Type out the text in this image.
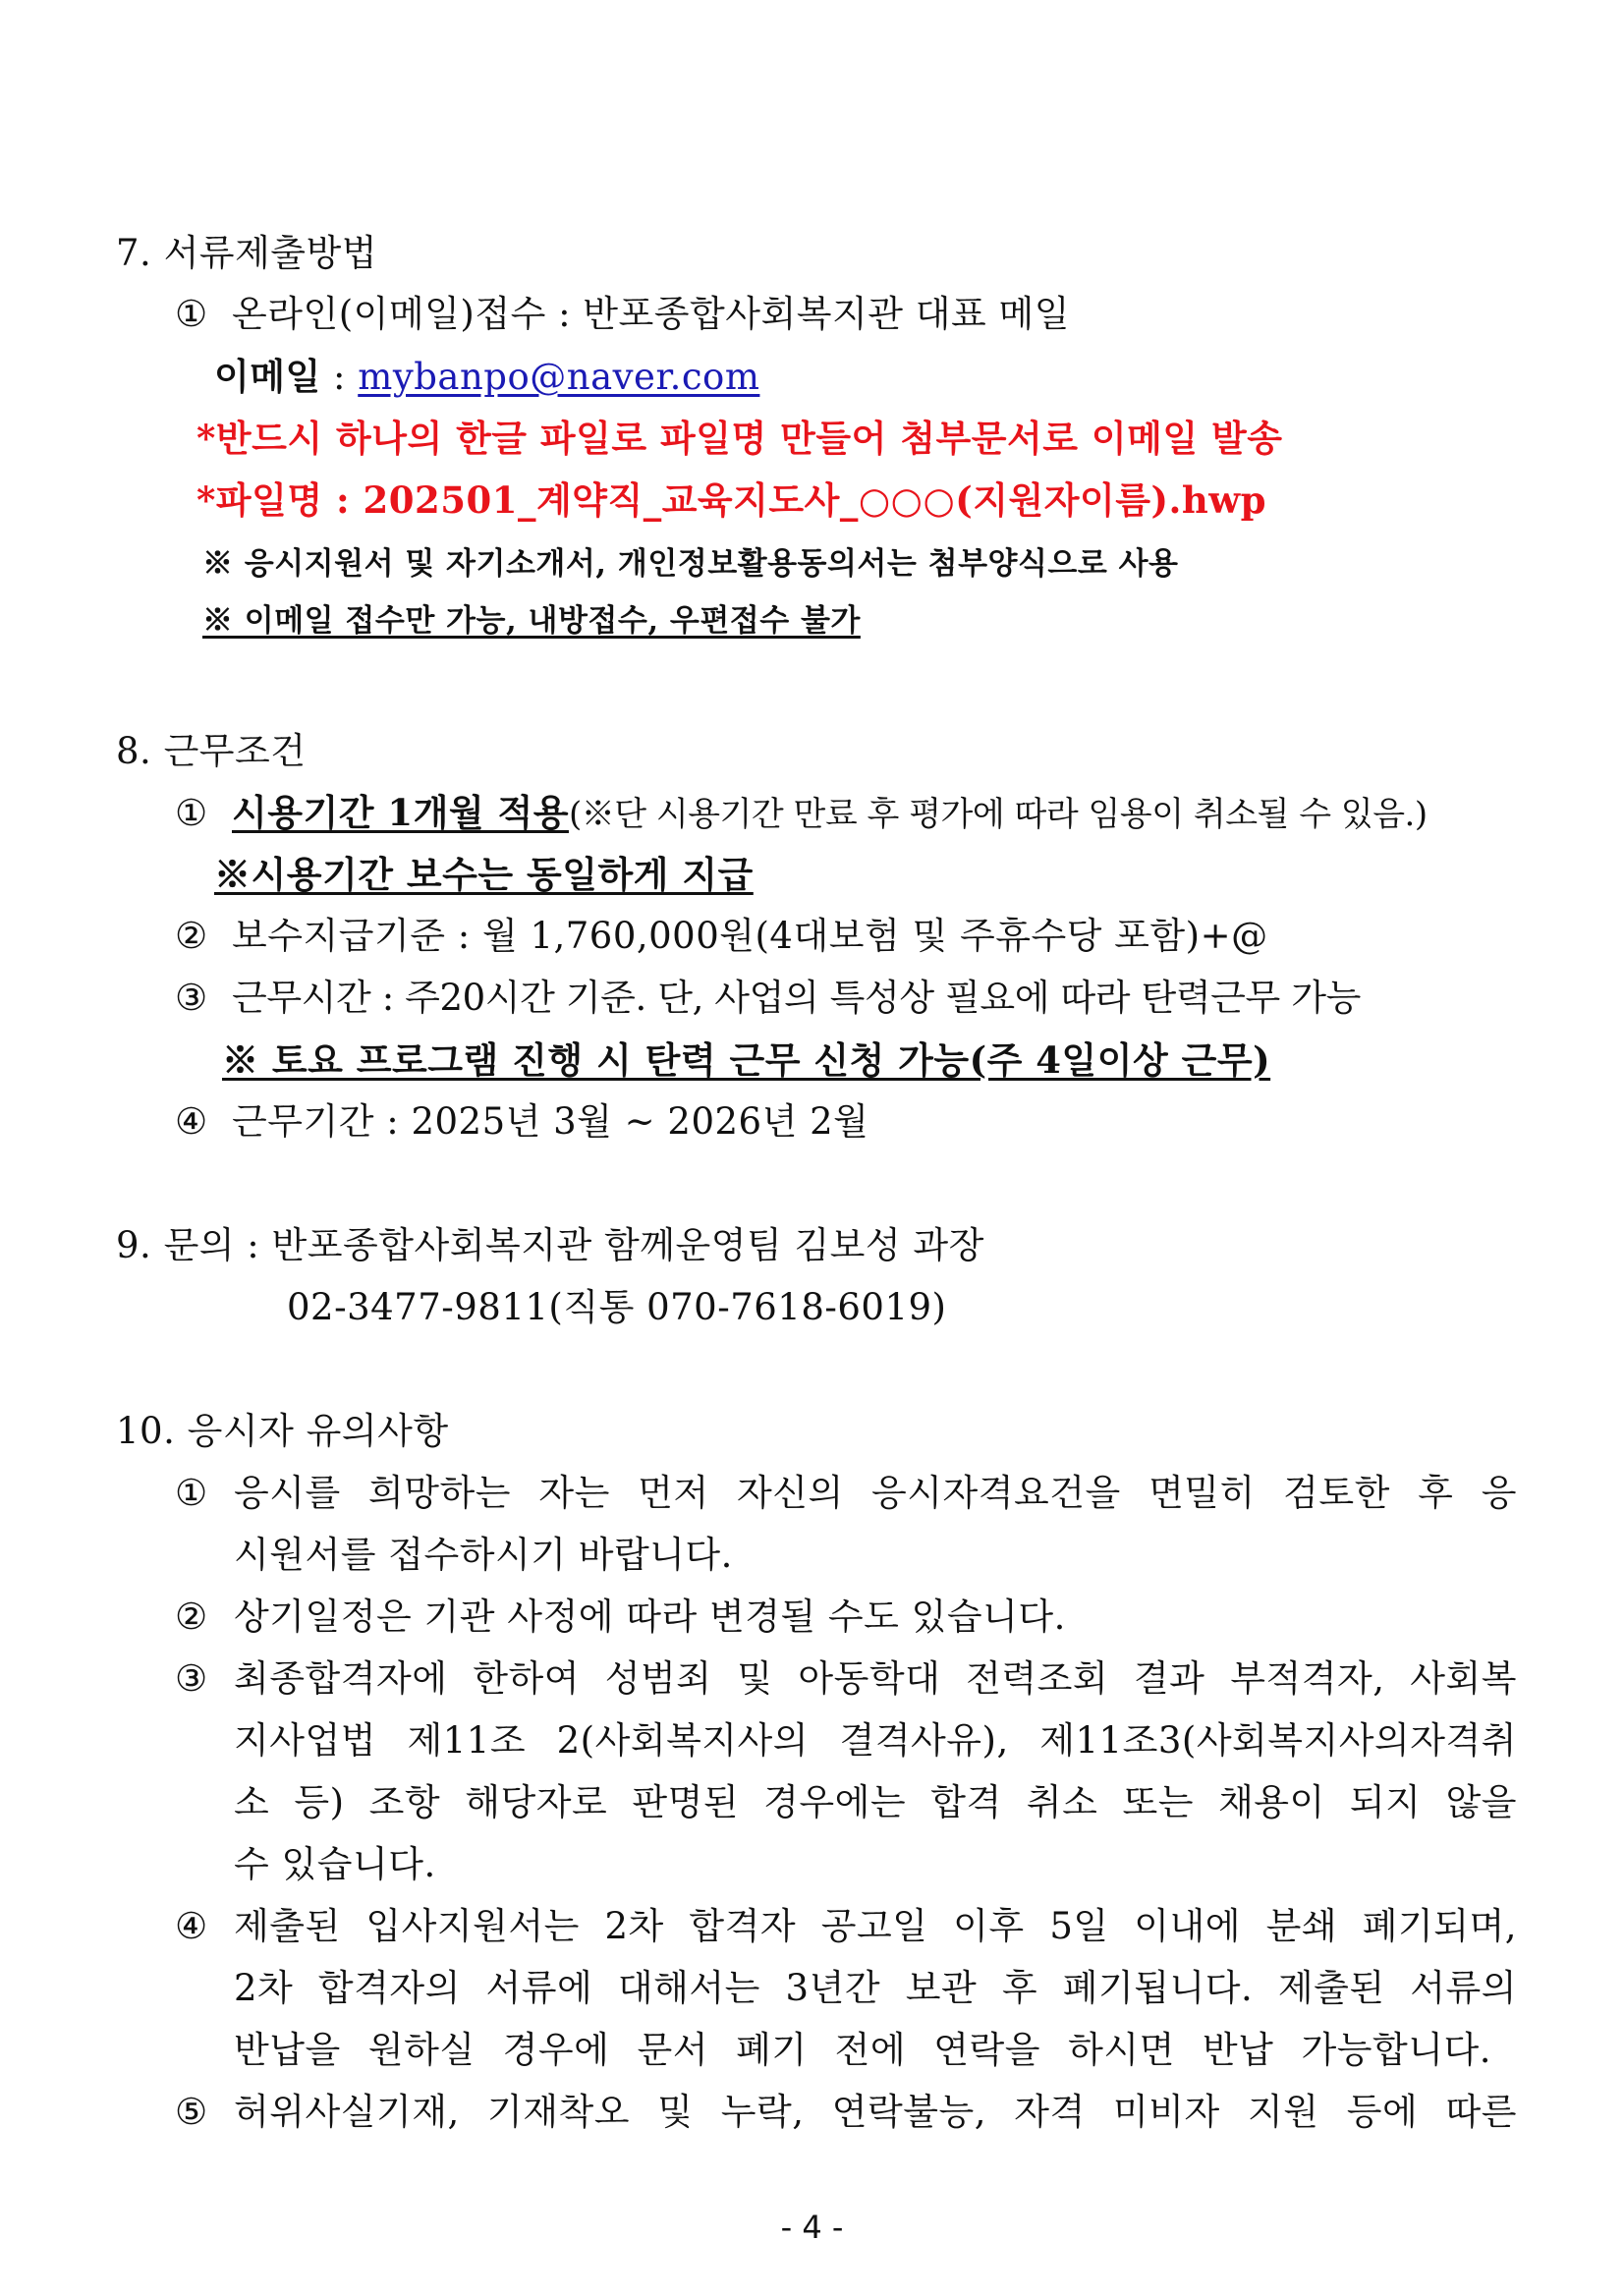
7. 서류제출방법
① 온라인(이메일)접수 : 반포종합사회복지관 대표 메일
이메일 : mybanpo@naver.com
*반드시 하나의 한글 파일로 파일명 만들어 첨부문서로 이메일 발송
*파일명 : 202501_계약직_교육지도사_○○○(지원자이름).hwp
※ 응시지원서 및 자기소개서, 개인정보활용동의서는 첨부양식으로 사용
※ 이메일 접수만 가능, 내방접수, 우편접수 불가
8. 근무조건
① 시용기간 1개월 적용(※단 시용기간 만료 후 평가에 따라 임용이 취소될 수 있음.)
※시용기간 보수는 동일하게 지급
② 보수지급기준 : 월 1,760,000원(4대보험 및 주휴수당 포함)+@
③ 근무시간 : 주20시간 기준. 단, 사업의 특성상 필요에 따라 탄력근무 가능
※ 토요 프로그램 진행 시 탄력 근무 신청 가능(주 4일이상 근무)
④ 근무기간 : 2025년 3월 ~ 2026년 2월
9. 문의 : 반포종합사회복지관 함께운영팀 김보성 과장
02-3477-9811(직통 070-7618-6019)
10. 응시자 유의사항
① 응시를 희망하는 자는 먼저 자신의 응시자격요건을 면밀히 검토한 후 응
시원서를 접수하시기 바랍니다.
② 상기일정은 기관 사정에 따라 변경될 수도 있습니다.
③ 최종합격자에 한하여 성범죄 및 아동학대 전력조회 결과 부적격자, 사회복
지사업법 제11조 2(사회복지사의 결격사유), 제11조3(사회복지사의자격취
소 등) 조항 해당자로 판명된 경우에는 합격 취소 또는 채용이 되지 않을
수 있습니다.
④ 제출된 입사지원서는 2차 합격자 공고일 이후 5일 이내에 분쇄 폐기되며,
2차 합격자의 서류에 대해서는 3년간 보관 후 폐기됩니다. 제출된 서류의
반납을 원하실 경우에 문서 폐기 전에 연락을 하시면 반납 가능합니다.
⑤ 허위사실기재, 기재착오 및 누락, 연락불능, 자격 미비자 지원 등에 따른
- 4 -
